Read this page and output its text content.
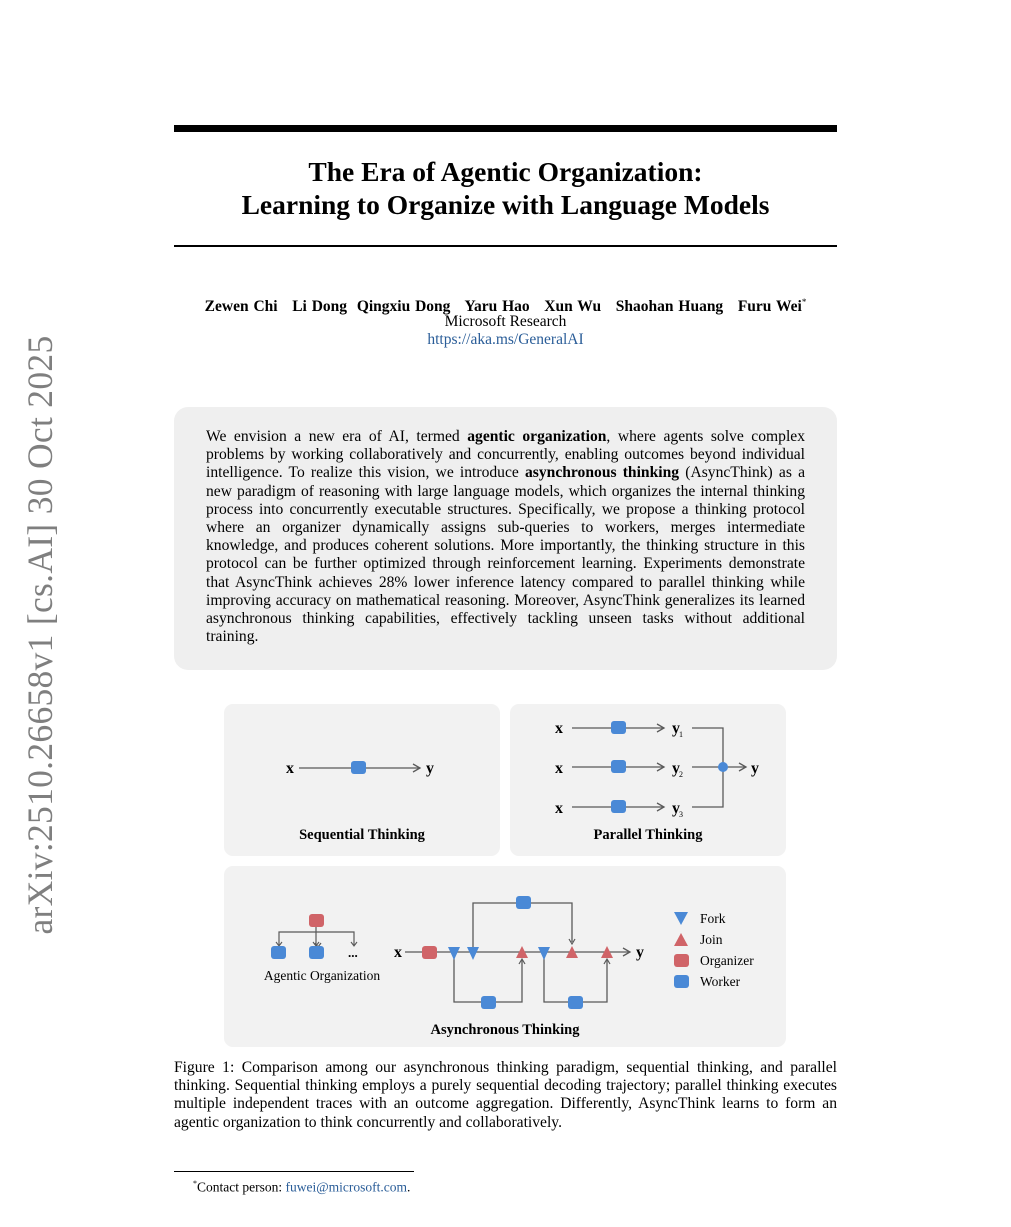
arXiv:2510.26658v1 [cs.AI] 30 Oct 2025
The Era of Agentic Organization:
Learning to Organize with Language Models
Zewen Chi Li Dong Qingxiu Dong Yaru Hao Xun Wu Shaohan Huang Furu Wei*
Microsoft Research
https://aka.ms/GeneralAI

We envision a new era of AI, termed agentic organization, where agents solve complex problems by working collaboratively and concurrently, enabling outcomes beyond individual intelligence. To realize this vision, we introduce asynchronous thinking (AsyncThink) as a new paradigm of reasoning with large language models, which organizes the internal thinking process into concurrently executable structures. Specifically, we propose a thinking protocol where an organizer dynamically assigns sub-queries to workers, merges intermediate knowledge, and produces coherent solutions. More importantly, the thinking structure in this protocol can be further optimized through reinforcement learning. Experiments demonstrate that AsyncThink achieves 28% lower inference latency compared to parallel thinking while improving accuracy on mathematical reasoning. Moreover, AsyncThink generalizes its learned asynchronous thinking capabilities, effectively tackling unseen tasks without additional training.

Sequential Thinking	Parallel Thinking
Asynchronous Thinking
x	y
x	y 1
x	y 2
x	y 3
y
...
Agentic Organization
x	y
Fork
Join
Organizer
Worker
Figure 1: Comparison among our asynchronous thinking paradigm, sequential thinking, and parallel thinking. Sequential thinking employs a purely sequential decoding trajectory; parallel thinking executes multiple independent traces with an outcome aggregation. Differently, AsyncThink learns to form an agentic organization to think concurrently and collaboratively.
*Contact person: fuwei@microsoft.com.
